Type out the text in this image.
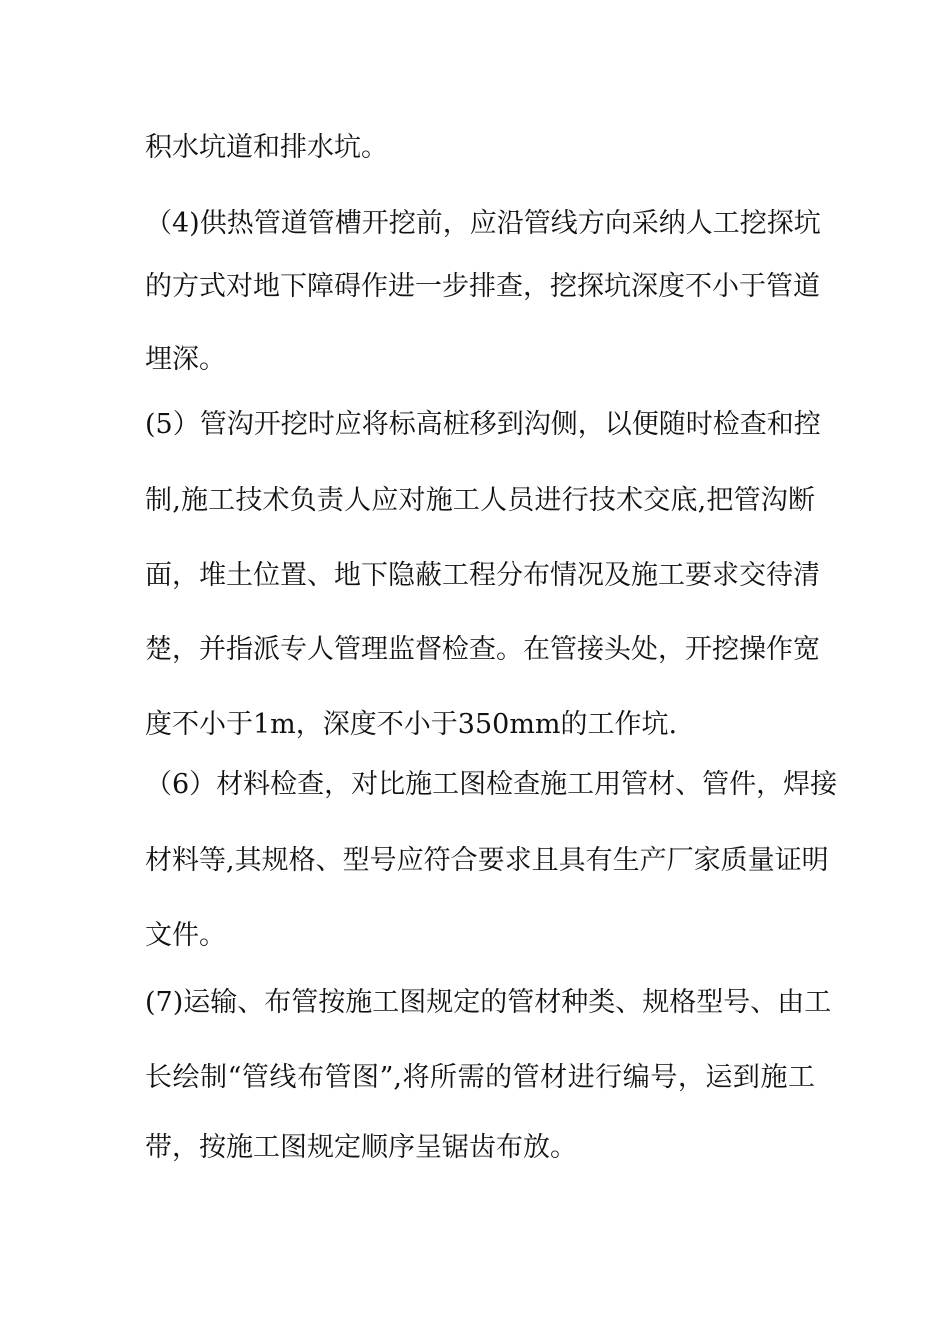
积水坑道和排水坑。
（4)供热管道管槽开挖前，应沿管线方向采纳人工挖探坑
的方式对地下障碍作进一步排查，挖探坑深度不小于管道
埋深。
(5）管沟开挖时应将标高桩移到沟侧，以便随时检查和控
制,施工技术负责人应对施工人员进行技术交底,把管沟断
面，堆土位置、地下隐蔽工程分布情况及施工要求交待清
楚，并指派专人管理监督检查。在管接头处，开挖操作宽
度不小于1m，深度不小于350mm的工作坑.
（6）材料检查，对比施工图检查施工用管材、管件，焊接
材料等,其规格、型号应符合要求且具有生产厂家质量证明
文件。
(7)运输、布管按施工图规定的管材种类、规格型号、由工
长绘制“管线布管图”,将所需的管材进行编号，运到施工
带，按施工图规定顺序呈锯齿布放。
